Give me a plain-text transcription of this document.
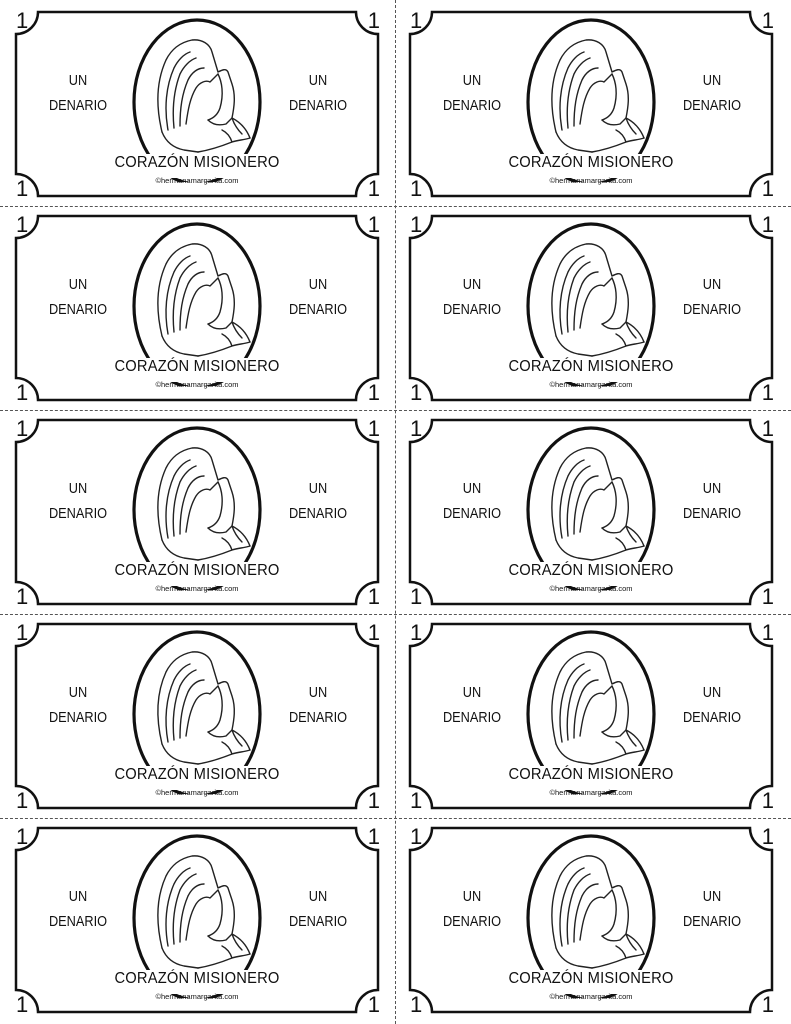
1	1
1	1
UN
DENARIO
UN
DENARIO
CORAZÓN MISIONERO
©hermanamargarita.com
1	1
1	1
UN
DENARIO
UN
DENARIO
CORAZÓN MISIONERO
©hermanamargarita.com
1	1
1	1
UN
DENARIO
UN
DENARIO
CORAZÓN MISIONERO
©hermanamargarita.com
1	1
1	1
UN
DENARIO
UN
DENARIO
CORAZÓN MISIONERO
©hermanamargarita.com
1	1
1	1
UN
DENARIO
UN
DENARIO
CORAZÓN MISIONERO
©hermanamargarita.com
1	1
1	1
UN
DENARIO
UN
DENARIO
CORAZÓN MISIONERO
©hermanamargarita.com
1	1
1	1
UN
DENARIO
UN
DENARIO
CORAZÓN MISIONERO
©hermanamargarita.com
1	1
1	1
UN
DENARIO
UN
DENARIO
CORAZÓN MISIONERO
©hermanamargarita.com
1	1
1	1
UN
DENARIO
UN
DENARIO
CORAZÓN MISIONERO
©hermanamargarita.com
1	1
1	1
UN
DENARIO
UN
DENARIO
CORAZÓN MISIONERO
©hermanamargarita.com
